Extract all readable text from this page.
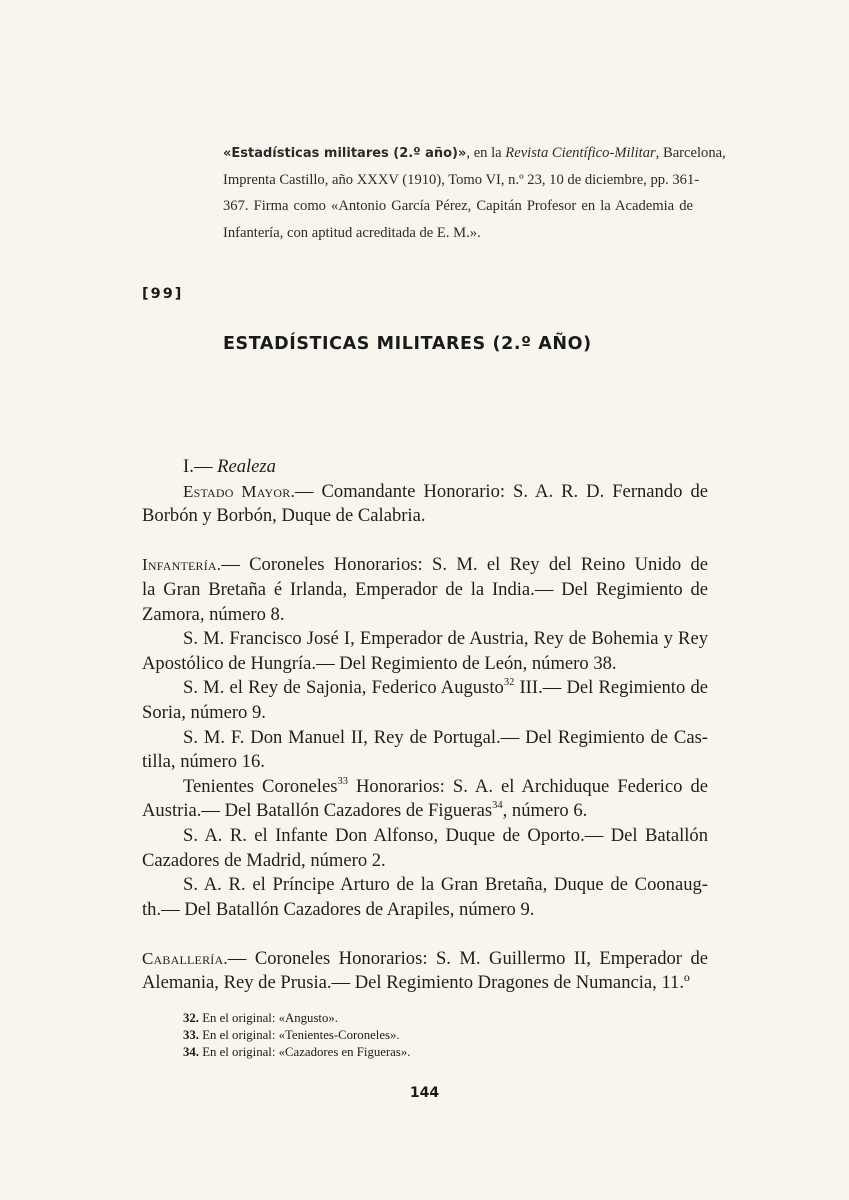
«Estadísticas militares (2.º año)», en la Revista Científico-Militar, Barcelona,
Imprenta Castillo, año XXXV (1910), Tomo VI, n.º 23, 10 de diciembre, pp. 361-
367. Firma como «Antonio García Pérez, Capitán Profesor en la Academia de
Infantería, con aptitud acreditada de E. M.».
[99]
ESTADÍSTICAS MILITARES (2.º AÑO)

I.— Realeza

Estado Mayor.— Comandante Honorario: S. A. R. D. Fernando de
Borbón y Borbón, Duque de Calabria.

Infantería.— Coroneles Honorarios: S. M. el Rey del Reino Unido de
la Gran Bretaña é Irlanda, Emperador de la India.— Del Regimiento de
Zamora, número 8.

S. M. Francisco José I, Emperador de Austria, Rey de Bohemia y Rey
Apostólico de Hungría.— Del Regimiento de León, número 38.

S. M. el Rey de Sajonia, Federico Augusto$^{32}$ III.— Del Regimiento de
Soria, número 9.

S. M. F. Don Manuel II, Rey de Portugal.— Del Regimiento de Cas-
tilla, número 16.

Tenientes Coroneles$^{33}$ Honorarios: S. A. el Archiduque Federico de
Austria.— Del Batallón Cazadores de Figueras$^{34}$, número 6.

S. A. R. el Infante Don Alfonso, Duque de Oporto.— Del Batallón
Cazadores de Madrid, número 2.

S. A. R. el Príncipe Arturo de la Gran Bretaña, Duque de Coonaug-
th.— Del Batallón Cazadores de Arapiles, número 9.

Caballería.— Coroneles Honorarios: S. M. Guillermo II, Emperador de
Alemania, Rey de Prusia.— Del Regimiento Dragones de Numancia, 11.º

32. En el original: «Angusto».
33. En el original: «Tenientes-Coroneles».
34. En el original: «Cazadores en Figueras».
144
